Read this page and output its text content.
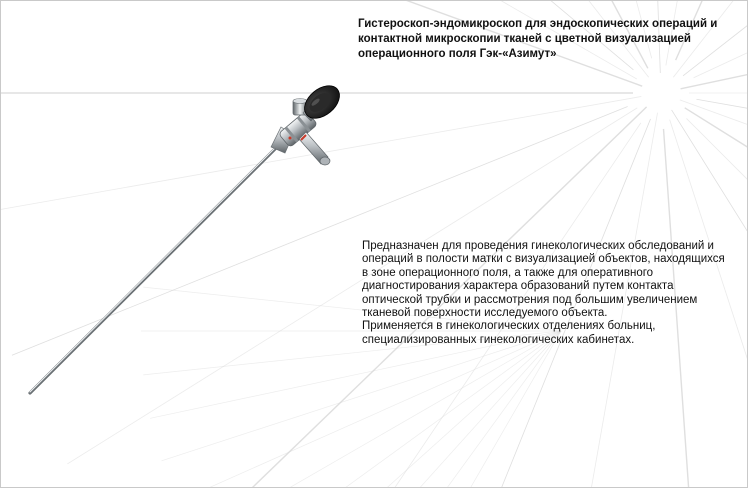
Гистероскоп-эндомикроскоп для эндоскопических операций и контактной микроскопии тканей с цветной визуализацией операционного поля Гэк-«Азимут»

Предназначен для проведения гинекологических обследований и операций в полости матки с визуализацией объектов, находящихся в зоне операционного поля, а также для оперативного диагностирования характера образований путем контакта оптической трубки и рассмотрения под большим увеличением тканевой поверхности исследуемого объекта.

Применяется в гинекологических отделениях больниц, специализированных гинекологических кабинетах.
